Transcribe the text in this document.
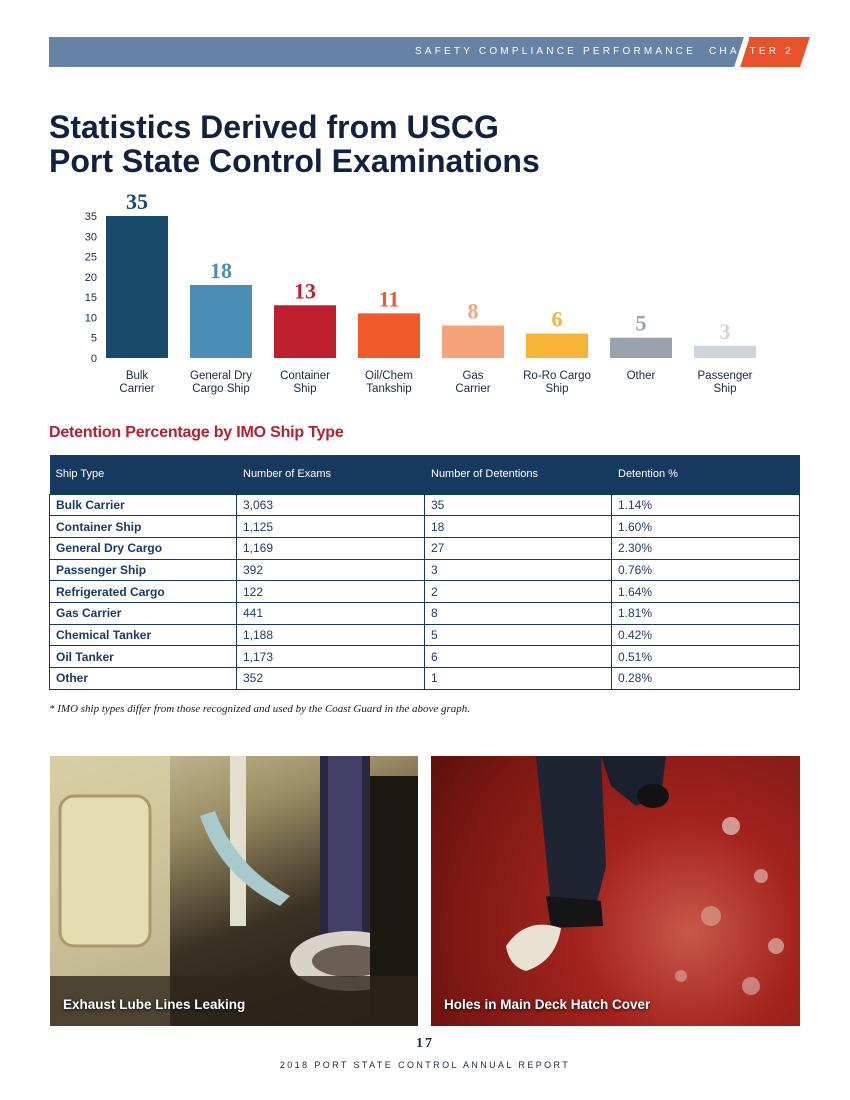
SAFETY COMPLIANCE PERFORMANCE CHAPTER 2
Statistics Derived from USCG
Port State Control Examinations
0
5
10
15
20
25
30
35
35
Bulk
Carrier
18
General Dry
Cargo Ship
13
Container
Ship
11
Oil/Chem
Tankship
8
Gas
Carrier
6
Ro-Ro Cargo
Ship
5
Other
3
Passenger
Ship
Detention Percentage by IMO Ship Type
Ship Type	Number of Exams	Number of Detentions	Detention %
Bulk Carrier	3,063	35	1.14%
Container Ship	1,125	18	1.60%
General Dry Cargo	1,169	27	2.30%
Passenger Ship	392	3	0.76%
Refrigerated Cargo	122	2	1.64%
Gas Carrier	441	8	1.81%
Chemical Tanker	1,188	5	0.42%
Oil Tanker	1,173	6	0.51%
Other	352	1	0.28%

* IMO ship types differ from those recognized and used by the Coast Guard in the above graph.

Exhaust Lube Lines Leaking	Holes in Main Deck Hatch Cover
17
2018 PORT STATE CONTROL ANNUAL REPORT
